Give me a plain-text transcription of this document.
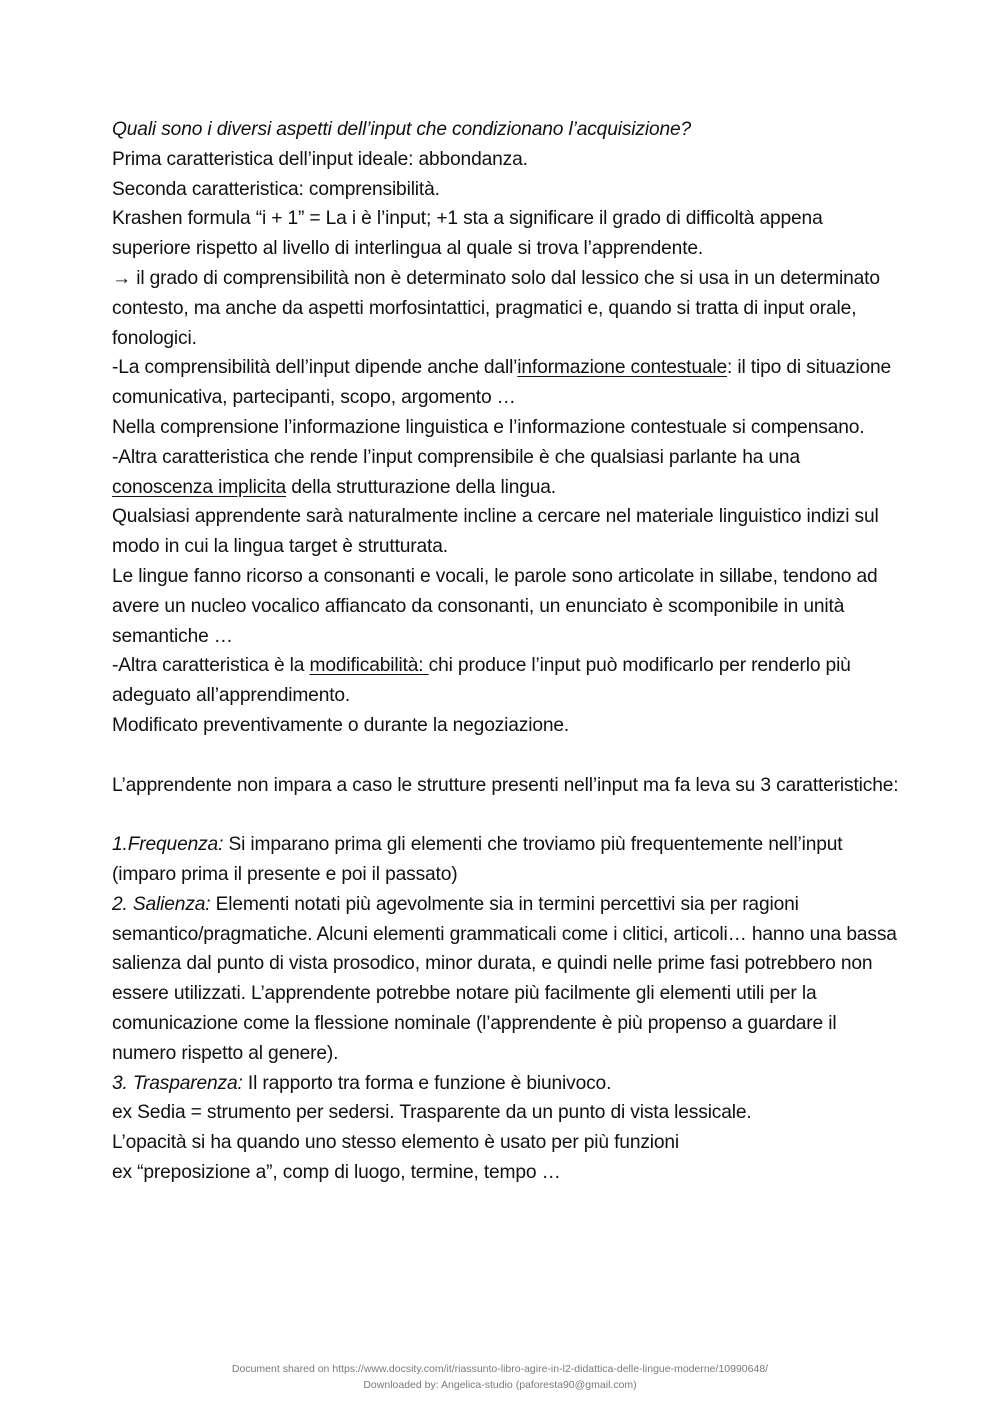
Quali sono i diversi aspetti dell’input che condizionano l’acquisizione?

Prima caratteristica dell’input ideale: abbondanza.

Seconda caratteristica: comprensibilità.

Krashen formula “i + 1” = La i è l’input; +1 sta a significare il grado di difficoltà appena superiore rispetto al livello di interlingua al quale si trova l’apprendente.

→ il grado di comprensibilità non è determinato solo dal lessico che si usa in un determinato contesto, ma anche da aspetti morfosintattici, pragmatici e, quando si tratta di input orale, fonologici.

-La comprensibilità dell’input dipende anche dall’informazione contestuale: il tipo di situazione comunicativa, partecipanti, scopo, argomento …

Nella comprensione l’informazione linguistica e l’informazione contestuale si compensano.

-Altra caratteristica che rende l’input comprensibile è che qualsiasi parlante ha una conoscenza implicita della strutturazione della lingua.

Qualsiasi apprendente sarà naturalmente incline a cercare nel materiale linguistico indizi sul modo in cui la lingua target è strutturata.

Le lingue fanno ricorso a consonanti e vocali, le parole sono articolate in sillabe, tendono ad avere un nucleo vocalico affiancato da consonanti, un enunciato è scomponibile in unità semantiche …

-Altra caratteristica è la modificabilità: chi produce l’input può modificarlo per renderlo più adeguato all’apprendimento.

Modificato preventivamente o durante la negoziazione.

L’apprendente non impara a caso le strutture presenti nell’input ma fa leva su 3 caratteristiche:

1.Frequenza: Si imparano prima gli elementi che troviamo più frequentemente nell’input (imparo prima il presente e poi il passato)

2. Salienza: Elementi notati più agevolmente sia in termini percettivi sia per ragioni semantico/pragmatiche. Alcuni elementi grammaticali come i clitici, articoli… hanno una bassa salienza dal punto di vista prosodico, minor durata, e quindi nelle prime fasi potrebbero non essere utilizzati. L’apprendente potrebbe notare più facilmente gli elementi utili per la comunicazione come la flessione nominale (l’apprendente è più propenso a guardare il numero rispetto al genere).

3. Trasparenza: Il rapporto tra forma e funzione è biunivoco.

ex Sedia = strumento per sedersi. Trasparente da un punto di vista lessicale.

L’opacità si ha quando uno stesso elemento è usato per più funzioni

ex “preposizione a”, comp di luogo, termine, tempo …

Document shared on https://www.docsity.com/it/riassunto-libro-agire-in-l2-didattica-delle-lingue-moderne/10990648/
Downloaded by: Angelica-studio (paforesta90@gmail.com)
